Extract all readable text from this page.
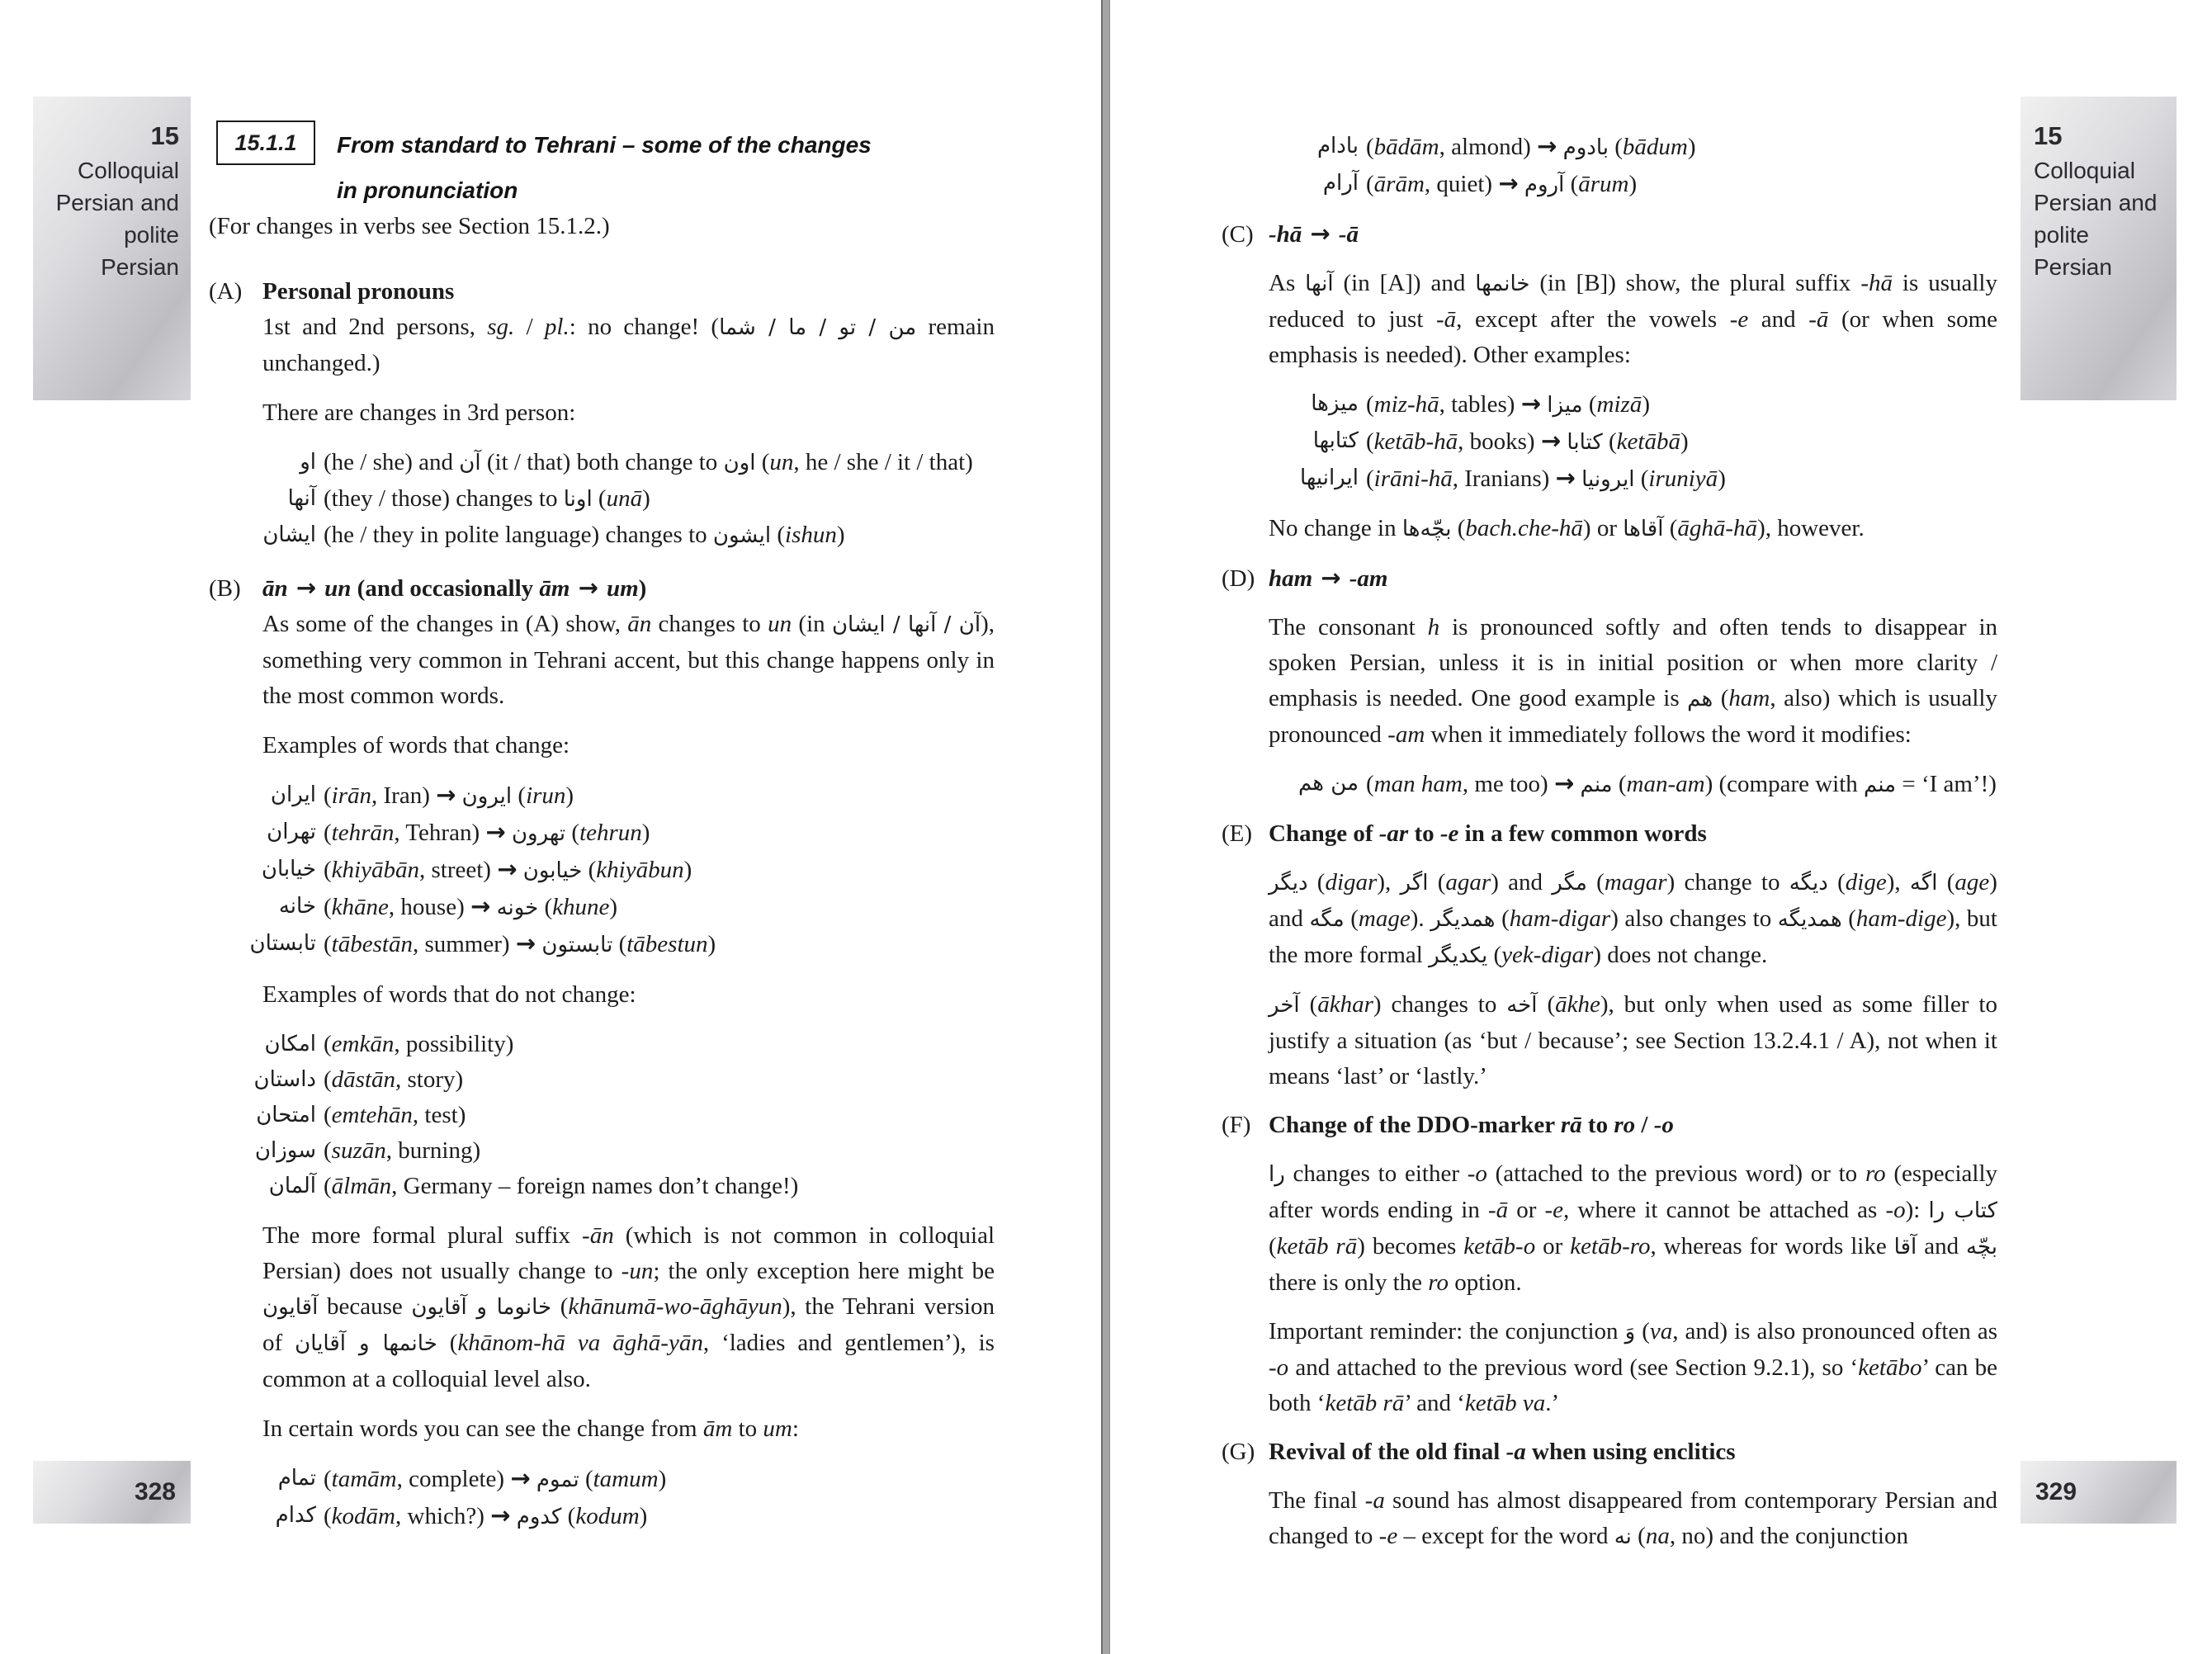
15
Colloquial Persian and polite Persian
15.1.1 From standard to Tehrani – some of the changes
in pronunciation
(For changes in verbs see Section 15.1.2.)
(A) Personal pronouns
1st and 2nd persons, sg. / pl.: no change! (من / تو / ما / شما remain unchanged.)
There are changes in 3rd person:
او (he / she) and آن (it / that) both change to اون (un, he / she / it / that)
آنها (they / those) changes to اونا (unā)
ایشان (he / they in polite language) changes to ایشون (ishun)
(B) ān → un (and occasionally ām → um)
As some of the changes in (A) show, ān changes to un (in آن / آنها / ایشان), something very common in Tehrani accent, but this change happens only in the most common words.
Examples of words that change:
ایران (irān, Iran) → ایرون (irun)
تهران (tehrān, Tehran) → تهرون (tehrun)
خیابان (khiyābān, street) → خیابون (khiyābun)
خانه (khāne, house) → خونه (khune)
تابستان (tābestān, summer) → تابستون (tābestun)
Examples of words that do not change:
امکان (emkān, possibility)
داستان (dāstān, story)
امتحان (emtehān, test)
سوزان (suzān, burning)
آلمان (ālmān, Germany – foreign names don’t change!)
The more formal plural suffix -ān (which is not common in colloquial Persian) does not usually change to -un; the only exception here might be آقایون because خانوما و آقایون (khānumā-wo-āghāyun), the Tehrani version of خانمها و آقایان (khānom-hā va āghā-yān, ‘ladies and gentlemen’), is common at a colloquial level also.
In certain words you can see the change from ām to um:
تمام (tamām, complete) → تموم (tamum)
کدام (kodām, which?) → کدوم (kodum)
328
15
Colloquial Persian and polite Persian
بادام (bādām, almond) → بادوم (bādum)
آرام (ārām, quiet) → آروم (ārum)
(C) -hā → -ā
As آنها (in [A]) and خانمها (in [B]) show, the plural suffix -hā is usually reduced to just -ā, except after the vowels -e and -ā (or when some emphasis is needed). Other examples:
میزها (miz-hā, tables) → میزا (mizā)
کتابها (ketāb-hā, books) → کتابا (ketābā)
ایرانیها (irāni-hā, Iranians) → ایرونیا (iruniyā)
No change in بچّه‌ها (bach.che-hā) or آقاها (āghā-hā), however.
(D) ham → -am
The consonant h is pronounced softly and often tends to disappear in spoken Persian, unless it is in initial position or when more clarity / emphasis is needed. One good example is هم (ham, also) which is usually pronounced -am when it immediately follows the word it modifies:
من هم (man ham, me too) → منم (man-am) (compare with منم = ‘I am’!)
(E) Change of -ar to -e in a few common words
دیگر (digar), اگر (agar) and مگر (magar) change to دیگه (dige), اگه (age) and مگه (mage). همدیگر (ham-digar) also changes to همدیگه (ham-dige), but the more formal یکدیگر (yek-digar) does not change.
آخر (ākhar) changes to آخه (ākhe), but only when used as some filler to justify a situation (as ‘but / because’; see Section 13.2.4.1 / A), not when it means ‘last’ or ‘lastly.’
(F) Change of the DDO-marker rā to ro / -o
را changes to either -o (attached to the previous word) or to ro (especially after words ending in -ā or -e, where it cannot be attached as -o): کتاب را (ketāb rā) becomes ketāb-o or ketāb-ro, whereas for words like آقا and بچّه there is only the ro option.
Important reminder: the conjunction وَ (va, and) is also pronounced often as -o and attached to the previous word (see Section 9.2.1), so ‘ketābo’ can be both ‘ketāb rā’ and ‘ketāb va.’
(G) Revival of the old final -a when using enclitics
The final -a sound has almost disappeared from contemporary Persian and changed to -e – except for the word نه (na, no) and the conjunction
329
